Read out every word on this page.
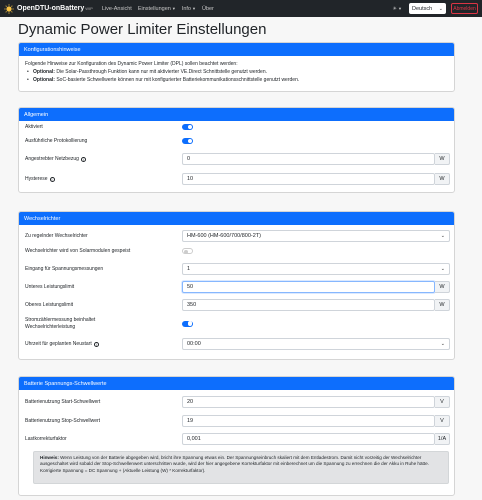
OpenDTU-onBattery WIP Live-Ansicht Einstellungen ▼ Info ▼ Über	☀ ▼ Deutsch ⌄	Abmelden
Dynamic Power Limiter Einstellungen
Konfigurationshinweise
Folgende Hinweise zur Konfiguration des Dynamic Power Limiter (DPL) sollen beachtet werden:
• Optional: Die Solar-Passthrough Funktion kann nur mit aktivierter VE.Direct Schnittstelle genutzt werden.
• Optional: SoC-basierte Schwellwerte können nur mit konfigurierter Batteriekommunikationsschnittstelle genutzt werden.
Allgemein
Aktiviert
Ausführliche Protokollierung
Angestrebter Netzbezug	i	0	W
Hysterese	i	10	W
Wechselrichter
Zu regelnder Wechselrichter	HM-600 (HM-600/700/800-2T)	⌄
Wechselrichter wird von Solarmodulen gespeist
Eingang für Spannungsmessungen	1	⌄
Unteres Leistungslimit	50	W
Oberes Leistungslimit	350	W
Stromzählermessung beinhaltet
Wechselrichterleistung
Uhrzeit für geplanten Neustart	i	00:00	⌄
Batterie Spannungs-Schwellwerte
Batterienutzung Start-Schwellwert	20	V
Batterienutzung Stop-Schwellwert	19	V
Lastkorrekturfaktor	0,001	1/A
Hinweis: Wenn Leistung von der Batterie abgegeben wird, bricht ihre Spannung etwas ein. Der Spannungseinbruch skaliert mit dem Entladestrom. Damit nicht vorzeitig der Wechselrichter ausgeschaltet wird sobald der Stop-Schwellenwert unterschritten wurde, wird der hier angegebene Korrekturfaktor mit einberechnet um die Spannung zu errechnen die der Akku in Ruhe hätte. Korrigierte Spannung = DC Spannung + (Aktuelle Leistung (W) * Korrekturfaktor).
